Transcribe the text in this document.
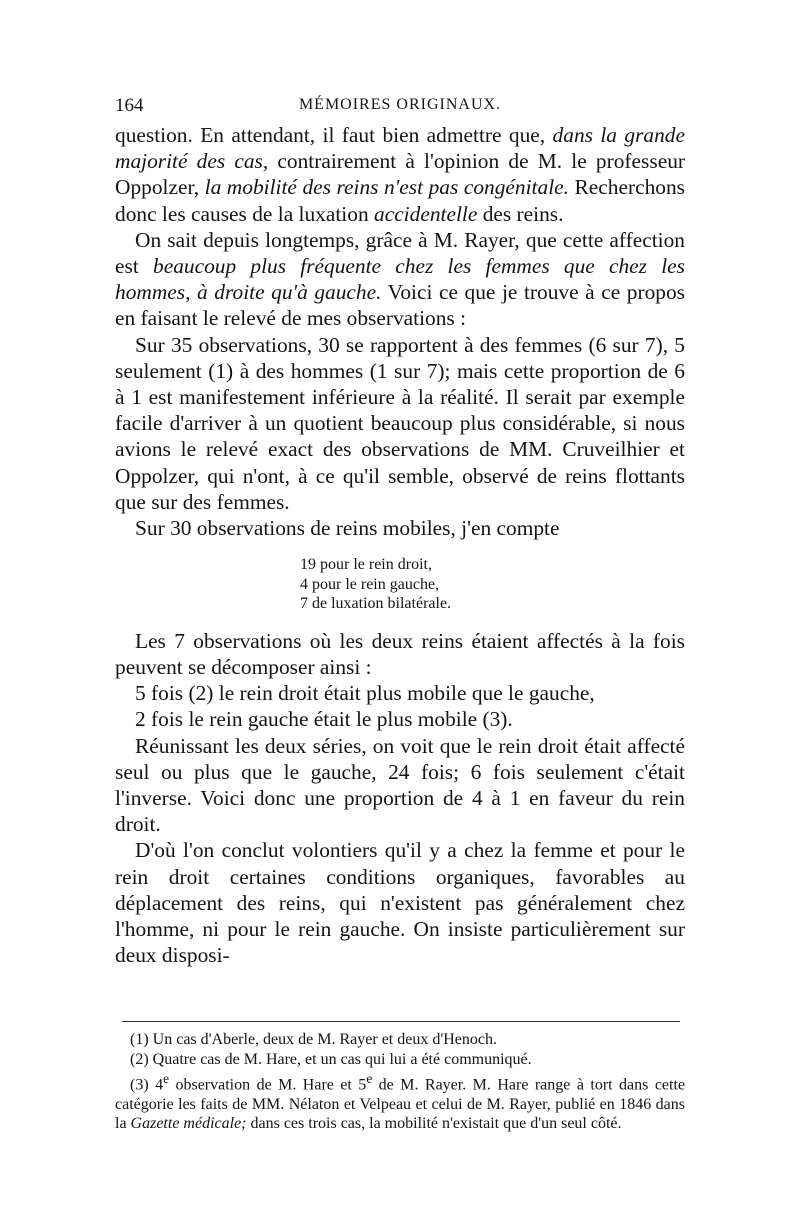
164	MÉMOIRES ORIGINAUX.

question. En attendant, il faut bien admettre que, dans la grande majorité des cas, contrairement à l'opinion de M. le professeur Oppolzer, la mobilité des reins n'est pas congénitale. Recherchons donc les causes de la luxation accidentelle des reins.

On sait depuis longtemps, grâce à M. Rayer, que cette affection est beaucoup plus fréquente chez les femmes que chez les hommes, à droite qu'à gauche. Voici ce que je trouve à ce propos en faisant le relevé de mes observations :

Sur 35 observations, 30 se rapportent à des femmes (6 sur 7), 5 seulement (1) à des hommes (1 sur 7); mais cette proportion de 6 à 1 est manifestement inférieure à la réalité. Il serait par exemple facile d'arriver à un quotient beaucoup plus considérable, si nous avions le relevé exact des observations de MM. Cruveilhier et Oppolzer, qui n'ont, à ce qu'il semble, observé de reins flottants que sur des femmes.

Sur 30 observations de reins mobiles, j'en compte

19 pour le rein droit,
4 pour le rein gauche,
7 de luxation bilatérale.

Les 7 observations où les deux reins étaient affectés à la fois peuvent se décomposer ainsi :

5 fois (2) le rein droit était plus mobile que le gauche,
2 fois le rein gauche était le plus mobile (3).

Réunissant les deux séries, on voit que le rein droit était affecté seul ou plus que le gauche, 24 fois; 6 fois seulement c'était l'inverse. Voici donc une proportion de 4 à 1 en faveur du rein droit.

D'où l'on conclut volontiers qu'il y a chez la femme et pour le rein droit certaines conditions organiques, favorables au déplacement des reins, qui n'existent pas généralement chez l'homme, ni pour le rein gauche. On insiste particulièrement sur deux disposi-

(1) Un cas d'Aberle, deux de M. Rayer et deux d'Henoch.

(2) Quatre cas de M. Hare, et un cas qui lui a été communiqué.

(3) 4e observation de M. Hare et 5e de M. Rayer. M. Hare range à tort dans cette catégorie les faits de MM. Nélaton et Velpeau et celui de M. Rayer, publié en 1846 dans la Gazette médicale; dans ces trois cas, la mobilité n'existait que d'un seul côté.
